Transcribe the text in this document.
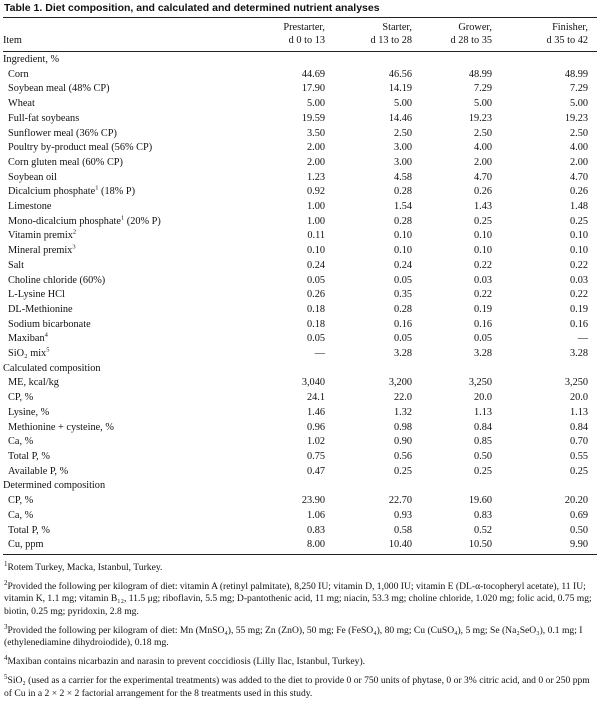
Table 1. Diet composition, and calculated and determined nutrient analyses
	Prestarter,	Starter,	Grower,	Finisher,
Item	d 0 to 13	d 13 to 28	d 28 to 35	d 35 to 42
Ingredient, %				
Corn	44.69	46.56	48.99	48.99
Soybean meal (48% CP)	17.90	14.19	7.29	7.29
Wheat	5.00	5.00	5.00	5.00
Full-fat soybeans	19.59	14.46	19.23	19.23
Sunflower meal (36% CP)	3.50	2.50	2.50	2.50
Poultry by-product meal (56% CP)	2.00	3.00	4.00	4.00
Corn gluten meal (60% CP)	2.00	3.00	2.00	2.00
Soybean oil	1.23	4.58	4.70	4.70
Dicalcium phosphate$^1$ (18% P)	0.92	0.28	0.26	0.26
Limestone	1.00	1.54	1.43	1.48
Mono-dicalcium phosphate$^1$ (20% P)	1.00	0.28	0.25	0.25
Vitamin premix$^2$	0.11	0.10	0.10	0.10
Mineral premix$^3$	0.10	0.10	0.10	0.10
Salt	0.24	0.24	0.22	0.22
Choline chloride (60%)	0.05	0.05	0.03	0.03
L-Lysine HCl	0.26	0.35	0.22	0.22
DL-Methionine	0.18	0.28	0.19	0.19
Sodium bicarbonate	0.18	0.16	0.16	0.16
Maxiban$^4$	0.05	0.05	0.05	—
SiO₂ mix$^5$	—	3.28	3.28	3.28
Calculated composition				
ME, kcal/kg	3,040	3,200	3,250	3,250
CP, %	24.1	22.0	20.0	20.0
Lysine, %	1.46	1.32	1.13	1.13
Methionine + cysteine, %	0.96	0.98	0.84	0.84
Ca, %	1.02	0.90	0.85	0.70
Total P, %	0.75	0.56	0.50	0.55
Available P, %	0.47	0.25	0.25	0.25
Determined composition				
CP, %	23.90	22.70	19.60	20.20
Ca, %	1.06	0.93	0.83	0.69
Total P, %	0.83	0.58	0.52	0.50
Cu, ppm	8.00	10.40	10.50	9.90
$^1$Rotem Turkey, Macka, Istanbul, Turkey.
$^2$Provided the following per kilogram of diet: vitamin A (retinyl palmitate), 8,250 IU; vitamin D, 1,000 IU; vitamin E (DL-α-tocopheryl acetate), 11 IU; vitamin K, 1.1 mg; vitamin B₁₂, 11.5 μg; riboflavin, 5.5 mg; D-pantothenic acid, 11 mg; niacin, 53.3 mg; choline chloride, 1.020 mg; folic acid, 0.75 mg; biotin, 0.25 mg; pyridoxin, 2.8 mg.
$^3$Provided the following per kilogram of diet: Mn (MnSO₄), 55 mg; Zn (ZnO), 50 mg; Fe (FeSO₄), 80 mg; Cu (CuSO₄), 5 mg; Se (Na₂SeO₃), 0.1 mg; I (ethylenediamine dihydroiodide), 0.18 mg.
$^4$Maxiban contains nicarbazin and narasin to prevent coccidiosis (Lilly Ilac, Istanbul, Turkey).
$^5$SiO₂ (used as a carrier for the experimental treatments) was added to the diet to provide 0 or 750 units of phytase, 0 or 3% citric acid, and 0 or 250 ppm of Cu in a 2 × 2 × 2 factorial arrangement for the 8 treatments used in this study.
